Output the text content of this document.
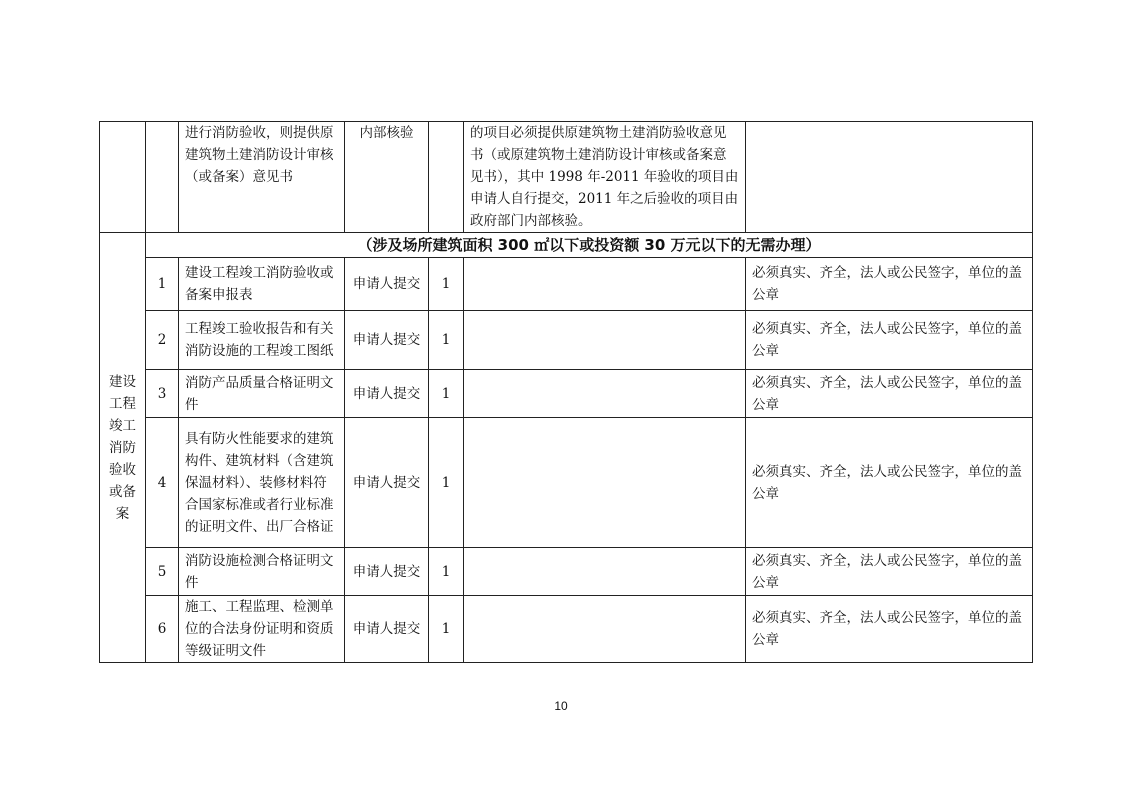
		进行消防验收，则提供原建筑物土建消防设计审核（或备案）意见书	内部核验		的项目必须提供原建筑物土建消防验收意见书（或原建筑物土建消防设计审核或备案意见书），其中 1998 年-2011 年验收的项目由申请人自行提交，2011 年之后验收的项目由政府部门内部核验。	

建设工程竣工消防验收或备案	（涉及场所建筑面积 300 ㎡以下或投资额 30 万元以下的无需办理）					
	1	建设工程竣工消防验收或备案申报表	申请人提交	1		必须真实、齐全，法人或公民签字，单位的盖公章
	2	工程竣工验收报告和有关消防设施的工程竣工图纸	申请人提交	1		必须真实、齐全，法人或公民签字，单位的盖公章
	3	消防产品质量合格证明文件	申请人提交	1		必须真实、齐全，法人或公民签字，单位的盖公章
	4	具有防火性能要求的建筑构件、建筑材料（含建筑保温材料）、装修材料符合国家标准或者行业标准的证明文件、出厂合格证	申请人提交	1		必须真实、齐全，法人或公民签字，单位的盖公章
	5	消防设施检测合格证明文件	申请人提交	1		必须真实、齐全，法人或公民签字，单位的盖公章
	6	施工、工程监理、检测单位的合法身份证明和资质等级证明文件	申请人提交	1		必须真实、齐全，法人或公民签字，单位的盖公章
10
